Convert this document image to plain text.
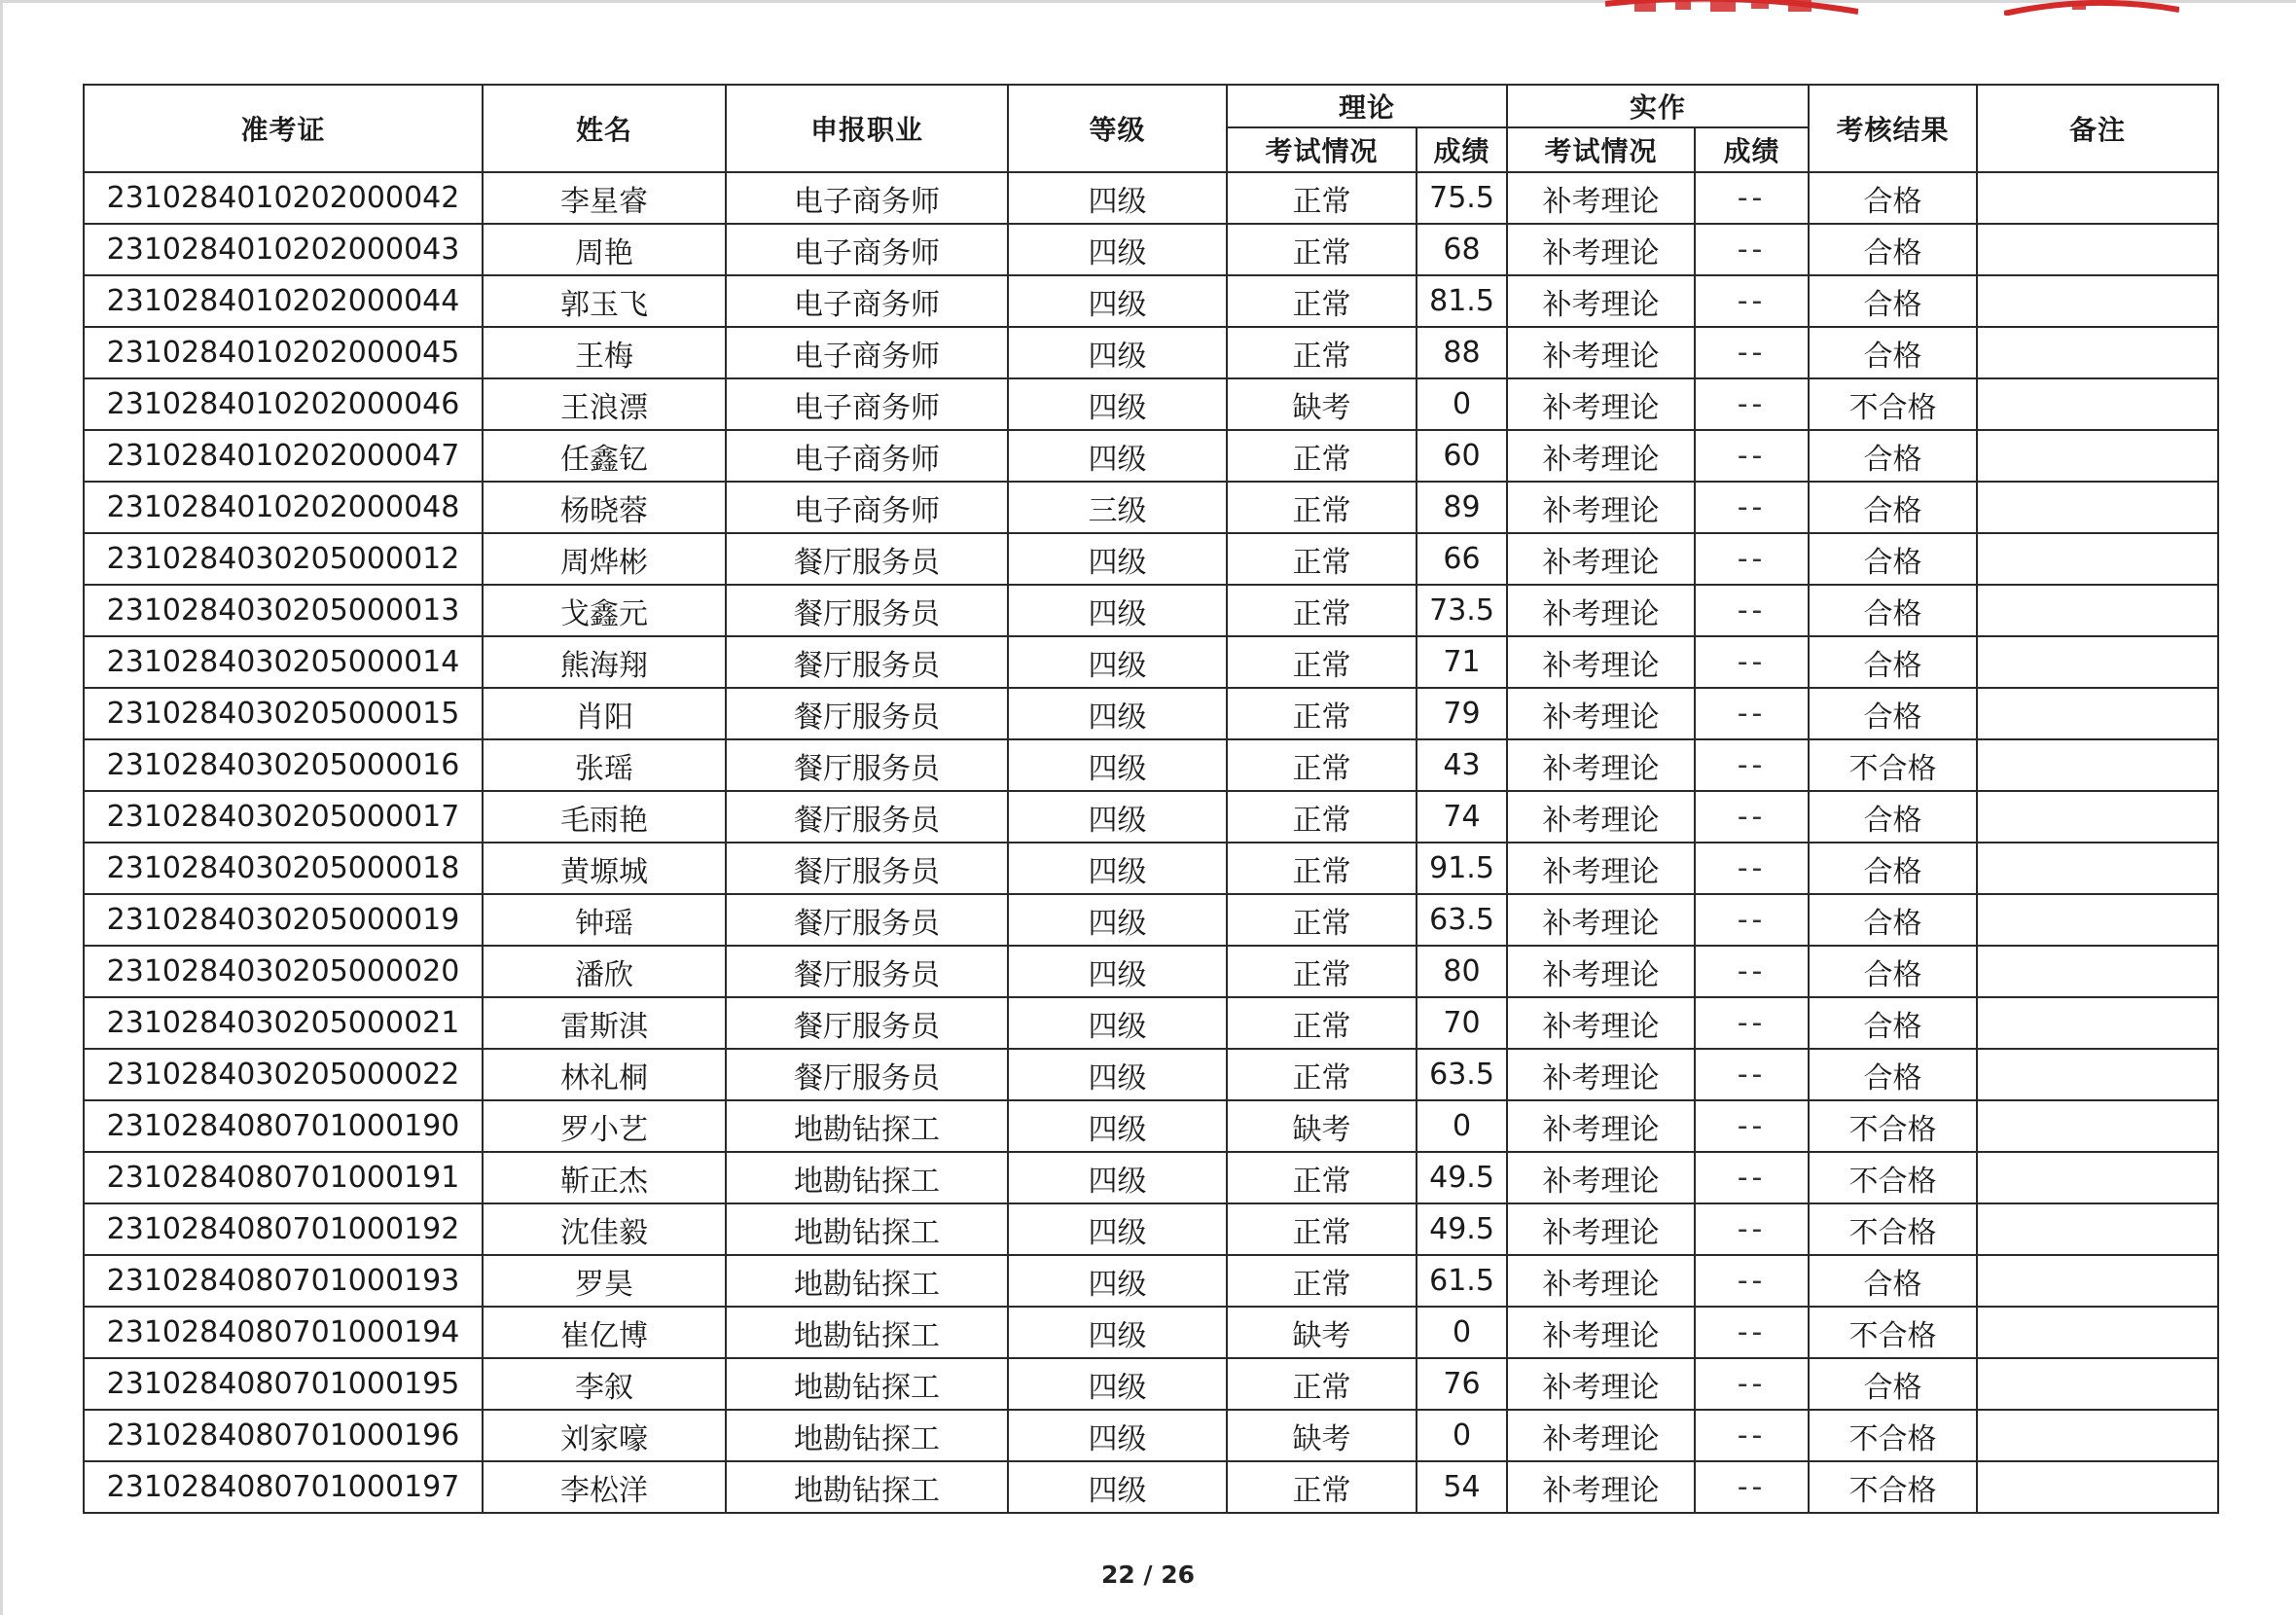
准考证	姓名	申报职业	等级	理论		实作		考核结果	备注
				考试情况	成绩	考试情况	成绩		
2310284010202000042	李星睿	电子商务师	四级	正常	75.5	补考理论	--	合格	
2310284010202000043	周艳	电子商务师	四级	正常	68	补考理论	--	合格	
2310284010202000044	郭玉飞	电子商务师	四级	正常	81.5	补考理论	--	合格	
2310284010202000045	王梅	电子商务师	四级	正常	88	补考理论	--	合格	
2310284010202000046	王浪漂	电子商务师	四级	缺考	0	补考理论	--	不合格	
2310284010202000047	任鑫钇	电子商务师	四级	正常	60	补考理论	--	合格	
2310284010202000048	杨晓蓉	电子商务师	三级	正常	89	补考理论	--	合格	
2310284030205000012	周烨彬	餐厅服务员	四级	正常	66	补考理论	--	合格	
2310284030205000013	戈鑫元	餐厅服务员	四级	正常	73.5	补考理论	--	合格	
2310284030205000014	熊海翔	餐厅服务员	四级	正常	71	补考理论	--	合格	
2310284030205000015	肖阳	餐厅服务员	四级	正常	79	补考理论	--	合格	
2310284030205000016	张瑶	餐厅服务员	四级	正常	43	补考理论	--	不合格	
2310284030205000017	毛雨艳	餐厅服务员	四级	正常	74	补考理论	--	合格	
2310284030205000018	黄塬城	餐厅服务员	四级	正常	91.5	补考理论	--	合格	
2310284030205000019	钟瑶	餐厅服务员	四级	正常	63.5	补考理论	--	合格	
2310284030205000020	潘欣	餐厅服务员	四级	正常	80	补考理论	--	合格	
2310284030205000021	雷斯淇	餐厅服务员	四级	正常	70	补考理论	--	合格	
2310284030205000022	林礼桐	餐厅服务员	四级	正常	63.5	补考理论	--	合格	
2310284080701000190	罗小艺	地勘钻探工	四级	缺考	0	补考理论	--	不合格	
2310284080701000191	靳正杰	地勘钻探工	四级	正常	49.5	补考理论	--	不合格	
2310284080701000192	沈佳毅	地勘钻探工	四级	正常	49.5	补考理论	--	不合格	
2310284080701000193	罗昊	地勘钻探工	四级	正常	61.5	补考理论	--	合格	
2310284080701000194	崔亿博	地勘钻探工	四级	缺考	0	补考理论	--	不合格	
2310284080701000195	李叙	地勘钻探工	四级	正常	76	补考理论	--	合格	
2310284080701000196	刘家嚎	地勘钻探工	四级	缺考	0	补考理论	--	不合格	
2310284080701000197	李松洋	地勘钻探工	四级	正常	54	补考理论	--	不合格	
22 / 26
